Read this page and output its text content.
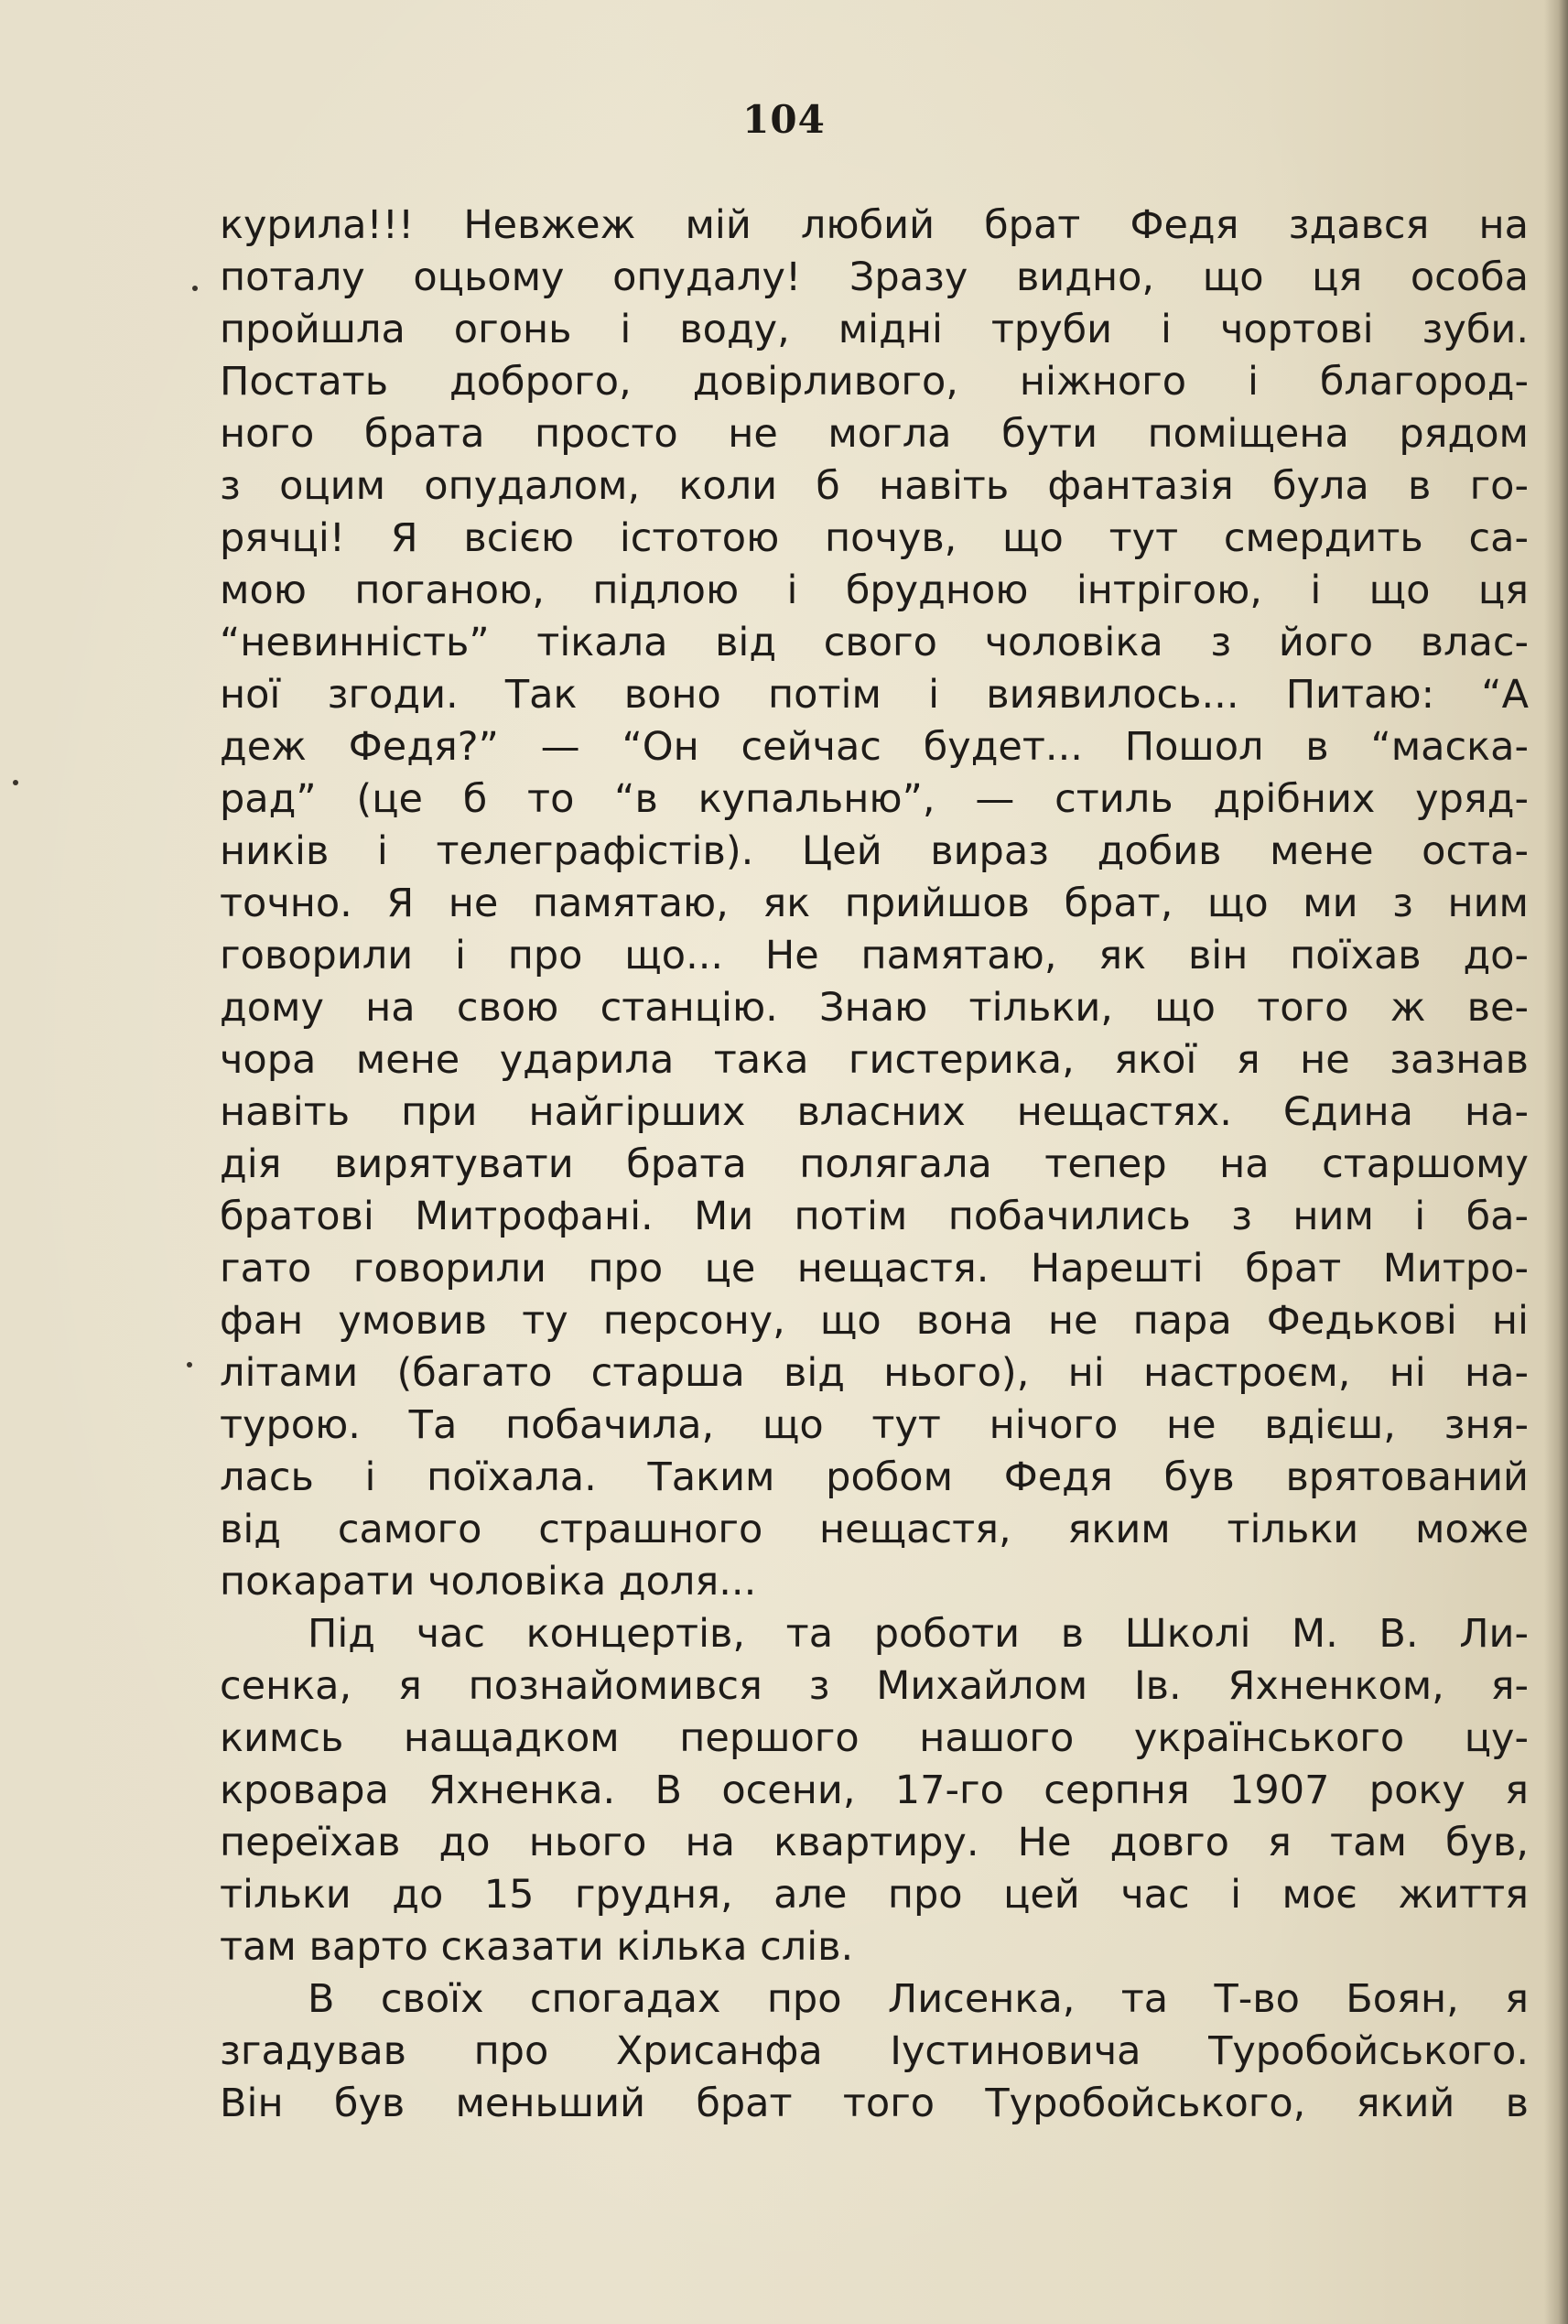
104
курила!!! Невжеж мій любий брат Федя здався на
поталу оцьому опудалу! Зразу видно, що ця особа
пройшла огонь і воду, мідні труби і чортові зуби.
Постать доброго, довірливого, ніжного і благород-
ного брата просто не могла бути поміщена рядом
з оцим опудалом, коли б навіть фантазія була в го-
рячці! Я всією істотою почув, що тут смердить са-
мою поганою, підлою і брудною інтрігою, і що ця
“невинність” тікала від свого чоловіка з його влас-
ної згоди. Так воно потім і виявилось... Питаю: “А
деж Федя?” — “Он сейчас будет... Пошол в “маска-
рад” (це б то “в купальню”, — стиль дрібних уряд-
ників і телеграфістів). Цей вираз добив мене оста-
точно. Я не памятаю, як прийшов брат, що ми з ним
говорили і про що... Не памятаю, як він поїхав до-
дому на свою станцію. Знаю тільки, що того ж ве-
чора мене ударила така гистерика, якої я не зазнав
навіть при найгірших власних нещастях. Єдина на-
дія вирятувати брата полягала тепер на старшому
братові Митрофані. Ми потім побачились з ним і ба-
гато говорили про це нещастя. Нарешті брат Митро-
фан умовив ту персону, що вона не пара Федькові ні
літами (багато старша від нього), ні настроєм, ні на-
турою. Та побачила, що тут нічого не вдієш, зня-
лась і поїхала. Таким робом Федя був врятований
від самого страшного нещастя, яким тільки може
покарати чоловіка доля...
Під час концертів, та роботи в Школі М. В. Ли-
сенка, я познайомився з Михайлом Ів. Яхненком, я-
кимсь нащадком першого нашого українського цу-
кровара Яхненка. В осени, 17-го серпня 1907 року я
переїхав до нього на квартиру. Не довго я там був,
тільки до 15 грудня, але про цей час і моє життя
там варто сказати кілька слів.
В своїх спогадах про Лисенка, та Т-во Боян, я
згадував про Хрисанфа Іустиновича Туробойського.
Він був меньший брат того Туробойського, який в
